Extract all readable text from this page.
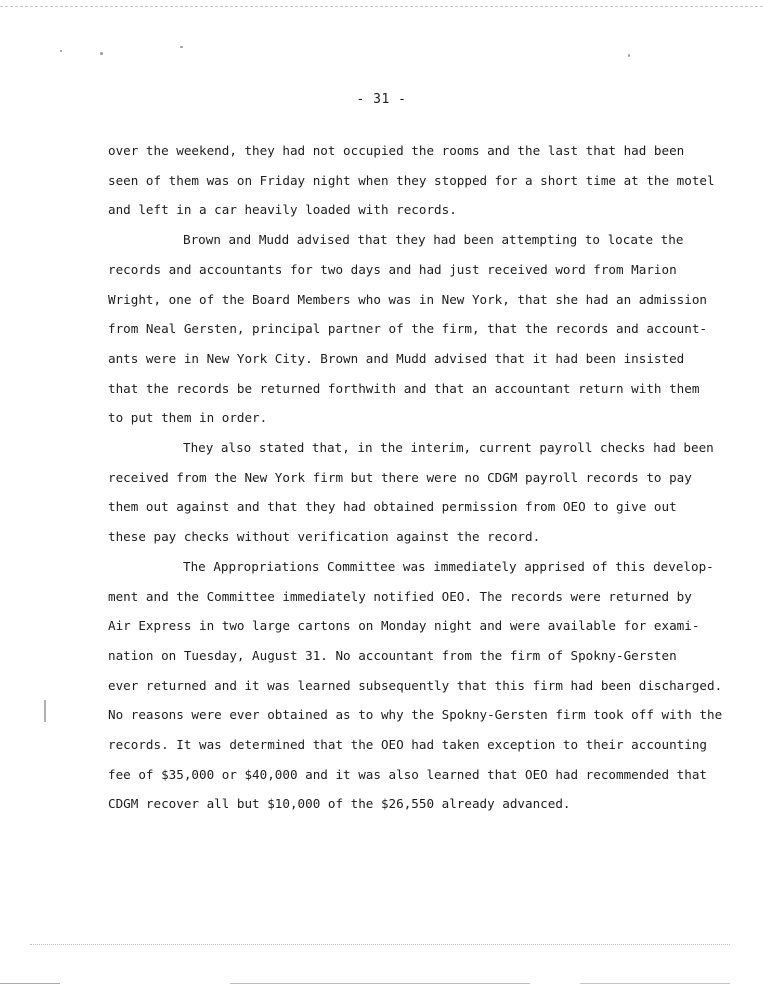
- 31 -

over the weekend, they had not occupied the rooms and the last that had been
seen of them was on Friday night when they stopped for a short time at the motel
and left in a car heavily loaded with records.

Brown and Mudd advised that they had been attempting to locate the
records and accountants for two days and had just received word from Marion
Wright, one of the Board Members who was in New York, that she had an admission
from Neal Gersten, principal partner of the firm, that the records and account-
ants were in New York City. Brown and Mudd advised that it had been insisted
that the records be returned forthwith and that an accountant return with them
to put them in order.

They also stated that, in the interim, current payroll checks had been
received from the New York firm but there were no CDGM payroll records to pay
them out against and that they had obtained permission from OEO to give out
these pay checks without verification against the record.

The Appropriations Committee was immediately apprised of this develop-
ment and the Committee immediately notified OEO. The records were returned by
Air Express in two large cartons on Monday night and were available for exami-
nation on Tuesday, August 31. No accountant from the firm of Spokny-Gersten
ever returned and it was learned subsequently that this firm had been discharged.
No reasons were ever obtained as to why the Spokny-Gersten firm took off with the
records. It was determined that the OEO had taken exception to their accounting
fee of $35,000 or $40,000 and it was also learned that OEO had recommended that
CDGM recover all but $10,000 of the $26,550 already advanced.
